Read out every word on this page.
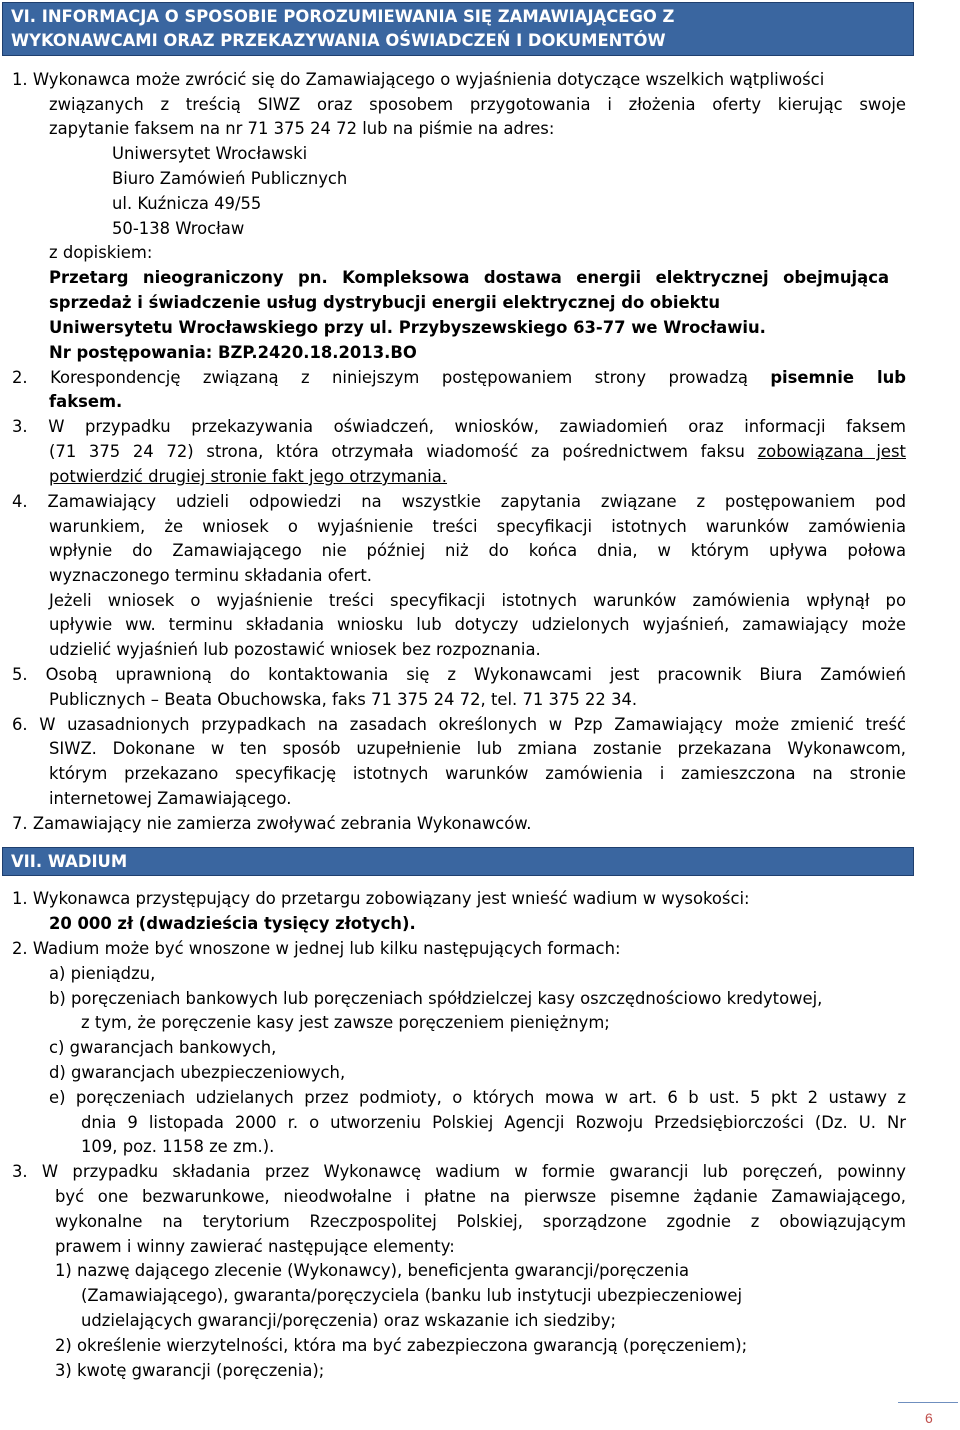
VI. INFORMACJA O SPOSOBIE POROZUMIEWANIA SIĘ ZAMAWIAJĄCEGO Z
WYKONAWCAMI ORAZ PRZEKAZYWANIA OŚWIADCZEŃ I DOKUMENTÓW
1. Wykonawca może zwrócić się do Zamawiającego o wyjaśnienia dotyczące wszelkich wątpliwości
związanych z treścią SIWZ oraz sposobem przygotowania i złożenia oferty kierując swoje
zapytanie faksem na nr 71 375 24 72 lub na piśmie na adres:
Uniwersytet Wrocławski
Biuro Zamówień Publicznych
ul. Kuźnicza 49/55
50-138 Wrocław
z dopiskiem:
Przetarg nieograniczony pn. Kompleksowa dostawa energii elektrycznej obejmująca
sprzedaż i świadczenie usług dystrybucji energii elektrycznej do obiektu
Uniwersytetu Wrocławskiego przy ul. Przybyszewskiego 63-77 we Wrocławiu.
Nr postępowania: BZP.2420.18.2013.BO
2. Korespondencję związaną z niniejszym postępowaniem strony prowadzą pisemnie lub
faksem.
3. W przypadku przekazywania oświadczeń, wniosków, zawiadomień oraz informacji faksem
(71 375 24 72) strona, która otrzymała wiadomość za pośrednictwem faksu zobowiązana jest
potwierdzić drugiej stronie fakt jego otrzymania.
4. Zamawiający udzieli odpowiedzi na wszystkie zapytania związane z postępowaniem pod
warunkiem, że wniosek o wyjaśnienie treści specyfikacji istotnych warunków zamówienia
wpłynie do Zamawiającego nie później niż do końca dnia, w którym upływa połowa
wyznaczonego terminu składania ofert.
Jeżeli wniosek o wyjaśnienie treści specyfikacji istotnych warunków zamówienia wpłynął po
upływie ww. terminu składania wniosku lub dotyczy udzielonych wyjaśnień, zamawiający może
udzielić wyjaśnień lub pozostawić wniosek bez rozpoznania.
5. Osobą uprawnioną do kontaktowania się z Wykonawcami jest pracownik Biura Zamówień
Publicznych – Beata Obuchowska, faks 71 375 24 72, tel. 71 375 22 34.
6. W uzasadnionych przypadkach na zasadach określonych w Pzp Zamawiający może zmienić treść
SIWZ. Dokonane w ten sposób uzupełnienie lub zmiana zostanie przekazana Wykonawcom,
którym przekazano specyfikację istotnych warunków zamówienia i zamieszczona na stronie
internetowej Zamawiającego.
7. Zamawiający nie zamierza zwoływać zebrania Wykonawców.
VII. WADIUM
1. Wykonawca przystępujący do przetargu zobowiązany jest wnieść wadium w wysokości:
20 000 zł (dwadzieścia tysięcy złotych).
2. Wadium może być wnoszone w jednej lub kilku następujących formach:
a) pieniądzu,
b) poręczeniach bankowych lub poręczeniach spółdzielczej kasy oszczędnościowo kredytowej,
z tym, że poręczenie kasy jest zawsze poręczeniem pieniężnym;
c) gwarancjach bankowych,
d) gwarancjach ubezpieczeniowych,
e) poręczeniach udzielanych przez podmioty, o których mowa w art. 6 b ust. 5 pkt 2 ustawy z
dnia 9 listopada 2000 r. o utworzeniu Polskiej Agencji Rozwoju Przedsiębiorczości (Dz. U. Nr
109, poz. 1158 ze zm.).
3. W przypadku składania przez Wykonawcę wadium w formie gwarancji lub poręczeń, powinny
być one bezwarunkowe, nieodwołalne i płatne na pierwsze pisemne żądanie Zamawiającego,
wykonalne na terytorium Rzeczpospolitej Polskiej, sporządzone zgodnie z obowiązującym
prawem i winny zawierać następujące elementy:
1) nazwę dającego zlecenie (Wykonawcy), beneficjenta gwarancji/poręczenia
(Zamawiającego), gwaranta/poręczyciela (banku lub instytucji ubezpieczeniowej
udzielających gwarancji/poręczenia) oraz wskazanie ich siedziby;
2) określenie wierzytelności, która ma być zabezpieczona gwarancją (poręczeniem);
3) kwotę gwarancji (poręczenia);
6
